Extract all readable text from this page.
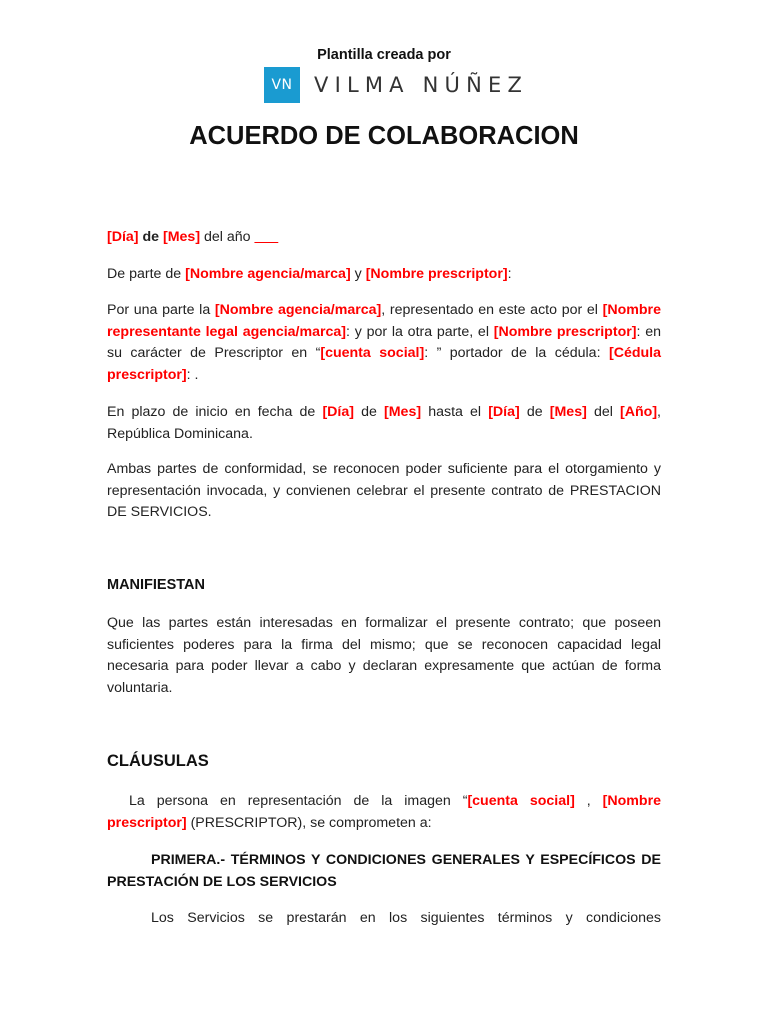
Plantilla creada por
VN	VILMA NÚÑEZ
ACUERDO DE COLABORACION
[Día] de [Mes] del año ___
De parte de [Nombre agencia/marca] y [Nombre prescriptor]:
Por una parte la [Nombre agencia/marca], representado en este acto por el [Nombre representante legal agencia/marca]: y por la otra parte, el [Nombre prescriptor]: en su carácter de Prescriptor en “[cuenta social]: ” portador de la cédula: [Cédula prescriptor]: .
En plazo de inicio en fecha de [Día] de [Mes] hasta el [Día] de [Mes] del [Año], República Dominicana.
Ambas partes de conformidad, se reconocen poder suficiente para el otorgamiento y representación invocada, y convienen celebrar el presente contrato de PRESTACION DE SERVICIOS.
MANIFIESTAN
Que las partes están interesadas en formalizar el presente contrato; que poseen suficientes poderes para la firma del mismo; que se reconocen capacidad legal necesaria para poder llevar a cabo y declaran expresamente que actúan de forma voluntaria.
CLÁUSULAS
La persona en representación de la imagen “[cuenta social] , [Nombre prescriptor] (PRESCRIPTOR), se comprometen a:
PRIMERA.- TÉRMINOS Y CONDICIONES GENERALES Y ESPECÍFICOS DE PRESTACIÓN DE LOS SERVICIOS
Los Servicios se prestarán en los siguientes términos y condiciones
